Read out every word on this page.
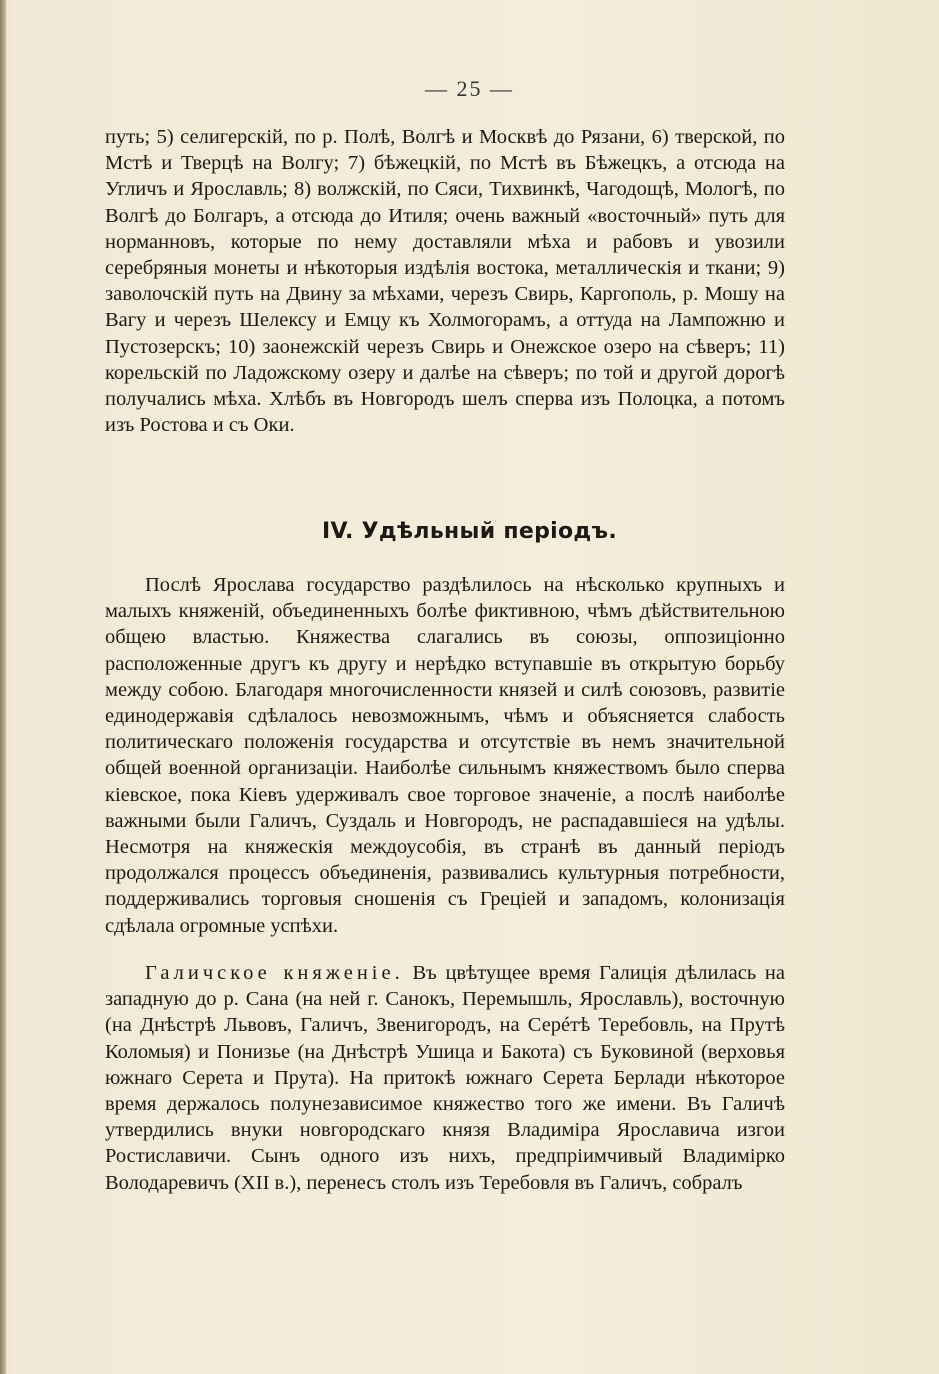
— 25 —

путь; 5) селигерскій, по р. Полѣ, Волгѣ и Москвѣ до Рязани, 6) тверской, по Мстѣ и Тверцѣ на Волгу; 7) бѣжецкій, по Мстѣ въ Бѣжецкъ, а отсюда на Угличъ и Ярославль; 8) волжскій, по Сяси, Тихвинкѣ, Чагодощѣ, Мологѣ, по Волгѣ до Болгаръ, а отсюда до Итиля; очень важный «восточный» путь для норманновъ, которые по нему доставляли мѣха и рабовъ и увозили серебряныя монеты и нѣкоторыя издѣлія востока, металлическія и ткани; 9) заволочскій путь на Двину за мѣхами, черезъ Свирь, Каргополь, р. Мошу на Вагу и черезъ Шелексу и Емцу къ Холмогорамъ, а оттуда на Лампожню и Пустозерскъ; 10) заонежскій черезъ Свирь и Онежское озеро на сѣверъ; 11) корельскій по Ладожскому озеру и далѣе на сѣверъ; по той и другой дорогѣ получались мѣха. Хлѣбъ въ Новгородъ шелъ сперва изъ Полоцка, а потомъ изъ Ростова и съ Оки.

IV. Удѣльный періодъ.

Послѣ Ярослава государство раздѣлилось на нѣсколько крупныхъ и малыхъ княженій, объединенныхъ болѣе фиктивною, чѣмъ дѣйствительною общею властью. Княжества слагались въ союзы, оппозиціонно расположенные другъ къ другу и нерѣдко вступавшіе въ открытую борьбу между собою. Благодаря многочисленности князей и силѣ союзовъ, развитіе единодержавія сдѣлалось невозможнымъ, чѣмъ и объясняется слабость политическаго положенія государства и отсутствіе въ немъ значительной общей военной организаціи. Наиболѣе сильнымъ княжествомъ было сперва кіевское, пока Кіевъ удерживалъ свое торговое значеніе, а послѣ наиболѣе важными были Галичъ, Суздаль и Новгородъ, не распадавшіеся на удѣлы. Несмотря на княжескія междоусобія, въ странѣ въ данный періодъ продолжался процессъ объединенія, развивались культурныя потребности, поддерживались торговыя сношенія съ Греціей и западомъ, колонизація сдѣлала огромные успѣхи.

Галичское княженіе. Въ цвѣтущее время Галиція дѣлилась на западную до р. Сана (на ней г. Санокъ, Перемышль, Ярославль), восточную (на Днѣстрѣ Львовъ, Галичъ, Звенигородъ, на Серéтѣ Теребовль, на Прутѣ Коломыя) и Понизье (на Днѣстрѣ Ушица и Бакота) съ Буковиной (верховья южнаго Серета и Прута). На притокѣ южнаго Серета Берлади нѣкоторое время держалось полунезависимое княжество того же имени. Въ Галичѣ утвердились внуки новгородскаго князя Владиміра Ярославича изгои Ростиславичи. Сынъ одного изъ нихъ, предпріимчивый Владимірко Володаревичъ (XII в.), перенесъ столъ изъ Теребовля въ Галичъ, собралъ
